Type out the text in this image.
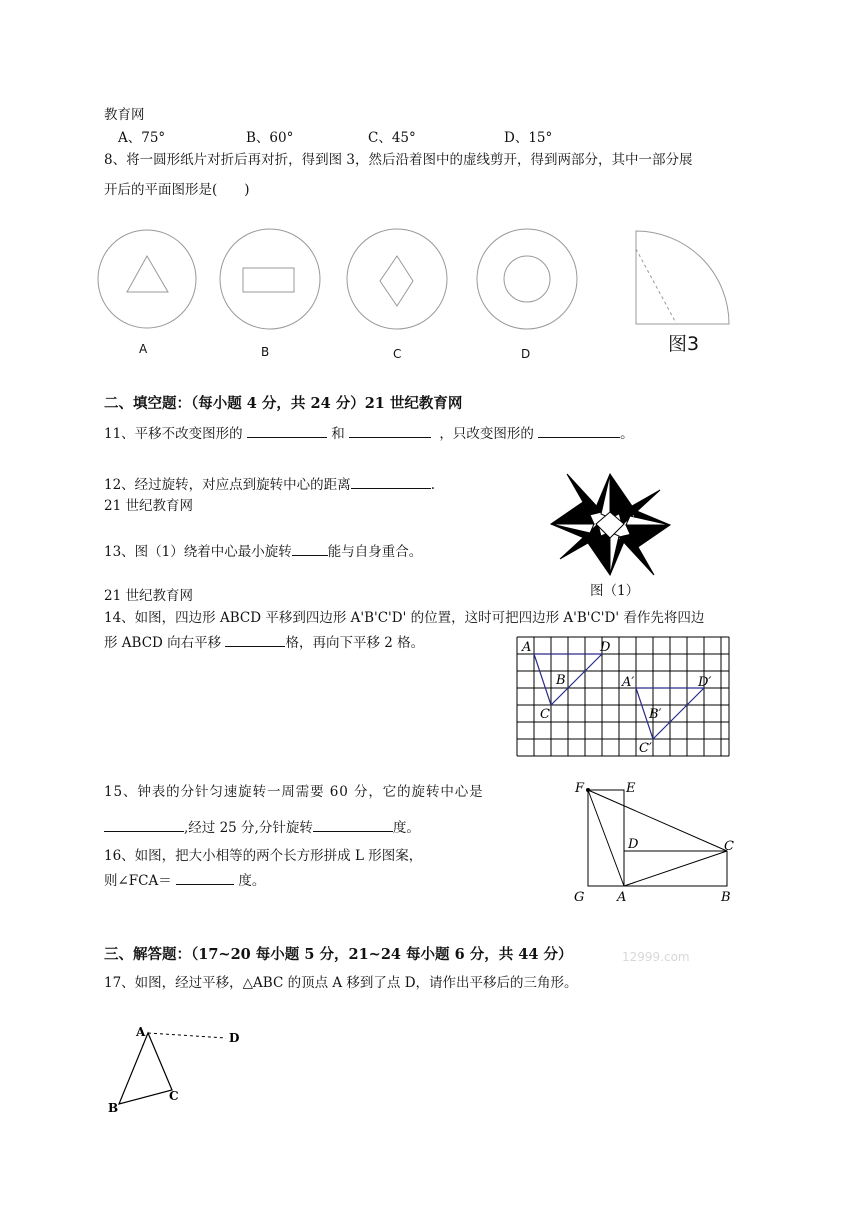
教育网
A、75°	B、60°	C、45°	D、15°
8、将一圆形纸片对折后再对折，得到图 3，然后沿着图中的虚线剪开，得到两部分，其中一部分展
开后的平面图形是(　　)
A	B	C	D	图3
二、填空题：（每小题 4 分，共 24 分）21 世纪教育网
11、平移不改变图形的	和	，只改变图形的	。
12、经过旋转，对应点到旋转中心的距离	.
21 世纪教育网
13、图（1）绕着中心最小旋转	能与自身重合。
图（1）
21 世纪教育网
14、如图，四边形 ABCD 平移到四边形 A'B'C'D' 的位置，这时可把四边形 A'B'C'D' 看作先将四边
形 ABCD 向右平移	格，再向下平移 2 格。	A	D
B
C
A′	D′
B′
C′
15、钟表的分针匀速旋转一周需要 60 分，它的旋转中心是
,经过 25 分,分针旋转	度。
16、如图，把大小相等的两个长方形拼成 L 形图案，
则∠FCA＝	度。
F	E
D	C
G	A	B
三、解答题：（17~20 每小题 5 分，21~24 每小题 6 分，共 44 分）	12999.com
17、如图，经过平移，△ABC 的顶点 A 移到了点 D，请作出平移后的三角形。
A
B
C
D
